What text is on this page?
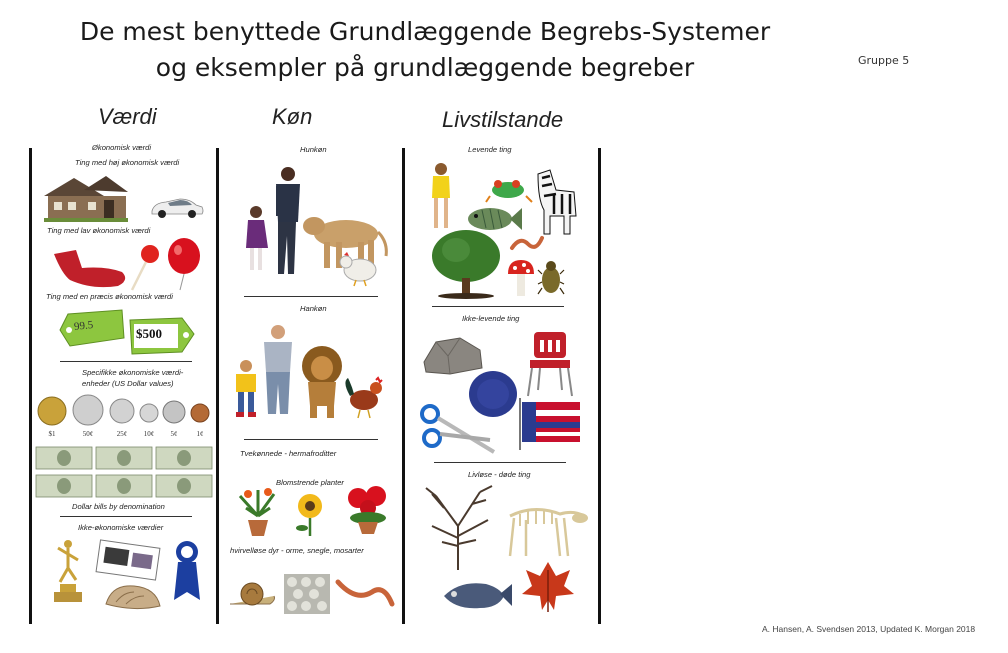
De mest benyttede Grundlæggende Begrebs-Systemer
og eksempler på grundlæggende begreber	Gruppe 5
A. Hansen, A. Svendsen 2013, Updated K. Morgan 2018
Værdi	Køn	Livstilstande
Økonomisk værdi
Ting med høj økonomisk værdi
Ting med lav økonomisk værdi
Ting med en præcis økonomisk værdi
99.5	$500
Specifikke økonomiske værdi-
enheder (US Dollar values)
$1	50¢	25¢	10¢	5¢	1¢
Dollar bills by denomination
Ikke-økonomiske værdier
Hunkøn
Hankøn
Tvekønnede - hermafroditter
Blomstrende planter
hvirvelløse dyr - orme, snegle, mosarter
Levende ting
Ikke-levende ting
Livløse - døde ting
